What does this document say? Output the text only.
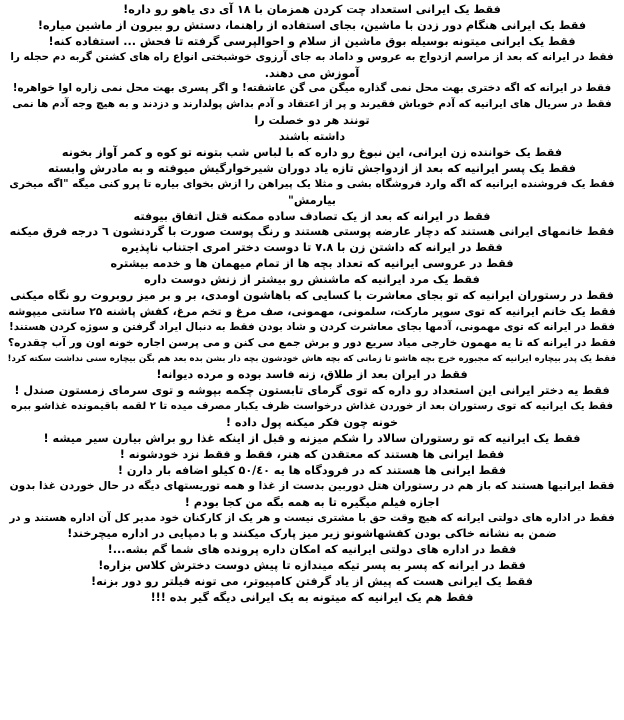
فقط یک ایرانی استعداد چت کردن همزمان با ۱۸ آی دی یاهو رو داره!
فقط یک ایرانی هنگام دور زدن با ماشین، بجای استفاده از راهنما، دستش رو بیرون از ماشین میاره!
فقط یک ایرانی میتونه بوسیله بوق ماشین از سلام و احوالپرسی گرفته تا فحش ... استفاده کنه!
فقط در ایرانه که بعد از مراسم ازدواج به عروس و داماد به جای آرزوی خوشبختی انواع راه های کشتن گربه دم حجله را
آموزش می دهند.
فقط در ایرانه که اگه دختری بهت محل نمی گذاره میگن می گن عاشقته! و اگر پسری بهت محل نمی زاره اوا خواهره!
فقط در سریال های ایرانیه که آدم خوباش فقیرند و پر از اعتقاد و آدم بداش پولدارند و دزدند و به هیچ وجه آدم ها نمی
تونند هر دو خصلت را
داشته باشند
فقط یک خواننده زن ایرانی، این نبوغ رو داره که با لباس شب بتونه تو کوه و کمر آواز بخونه
فقط یک پسر ایرانیه که بعد از ازدواجش تازه یاد دوران شیرخوارگیش میوفته و به مادرش وابسته
فقط یک فروشنده ایرانیه که اگه وارد فروشگاه بشی و مثلا یک پیراهن را ازش بخوای بیاره تا پرو کنی میگه "اگه میخری
بیارمش"
فقط در ایرانه که بعد از یک تصادف ساده ممکنه قتل اتفاق بیوفته
فقط خانمهای ایرانی هستند که دچار عارضه پوستی هستند و رنگ پوست صورت با گردنشون ٦ درجه فرق میکنه
فقط در ایرانه که داشتن زن با ۷.۸ تا دوست دختر امری اجتناب ناپذیره
فقط در عروسی ایرانیه که تعداد بچه ها از تمام میهمان ها و خدمه بیشتره
فقط یک مرد ایرانیه که ماشنش رو بیشتر از زنش دوست داره
فقط در رستوران ایرانیه که تو بجای معاشرت با کسایی که باهاشون اومدی، بر و بر میز روبروت رو نگاه میکنی
فقط یک خانم ایرانیه که توی سوپر مارکت، سلمونی، مهمونی، صف مرغ و تخم مرغ، کفش پاشنه ۲۵ سانتی میپوشه
فقط در ایرانه که توی مهمونی، آدمها بجای معاشرت کردن و شاد بودن فقط به دنبال ایراد گرفتن و سوژه کردن هستند!
فقط در ایرانه که تا یه مهمون خارجی میاد سریع دور و برش جمع می کنن و می پرسن اجاره خونه اون ور آب چقدره؟
فقط یک پدر بیچاره ایرانیه که مجبوره خرج بچه هاشو تا زمانی که بچه هاش خودشون بچه دار بشن بده بعد هم بگن بیچاره سنی نداشت سکته کرد!
فقط در ایران بعد از طلاق، زنه فاسد بوده و مرده دیوانه!
فقط یه دختر ایرانی این استعداد رو داره که توی گرمای تابستون چکمه بپوشه و توی سرمای زمستون صندل !
فقط یک ایرانیه که توی رستوران بعد از خوردن غذاش درخواست ظرف یکبار مصرف میده تا ۲ لقمه باقیمونده غذاشو ببره
خونه چون فکر میکنه پول داده !
فقط یک ایرانیه که تو رستوران سالاد را شکم میزنه و قبل از اینکه غذا رو براش بیارن سیر میشه !
فقط ایرانی ها هستند که معتقدن که هنر، فقط و فقط نزد خودشونه !
فقط ایرانی ها هستند که در فرودگاه ها یه ۵۰/٤۰ کیلو اضافه بار دارن !
فقط ایرانیها هستند که باز هم در رستوران هتل دوربین بدست از غذا و همه توریستهای دیگه در حال خوردن غذا بدون
اجازه فیلم میگیره تا به همه بگه من کجا بودم !
فقط در اداره های دولتی ایرانه که هیچ وقت حق با مشتری نیست و هر یک از کارکنان خود مدیر کل آن اداره هستند و در
ضمن به نشانه خاکی بودن کفشهاشونو زیر میز پارک میکنند و با دمپایی در اداره میچرخند!
فقط در اداره های دولتی ایرانیه که امکان داره پرونده های شما گم بشه...!
فقط در ایرانه که پسر به پسر تیکه میندازه تا پیش دوست دخترش کلاس بزاره!
فقط یک ایرانی هست که پیش از یاد گرفتن کامپیوتر، می تونه فیلتر رو دور بزنه!
فقط هم یک ایرانیه که میتونه به یک ایرانی دیگه گیر بده !!!
